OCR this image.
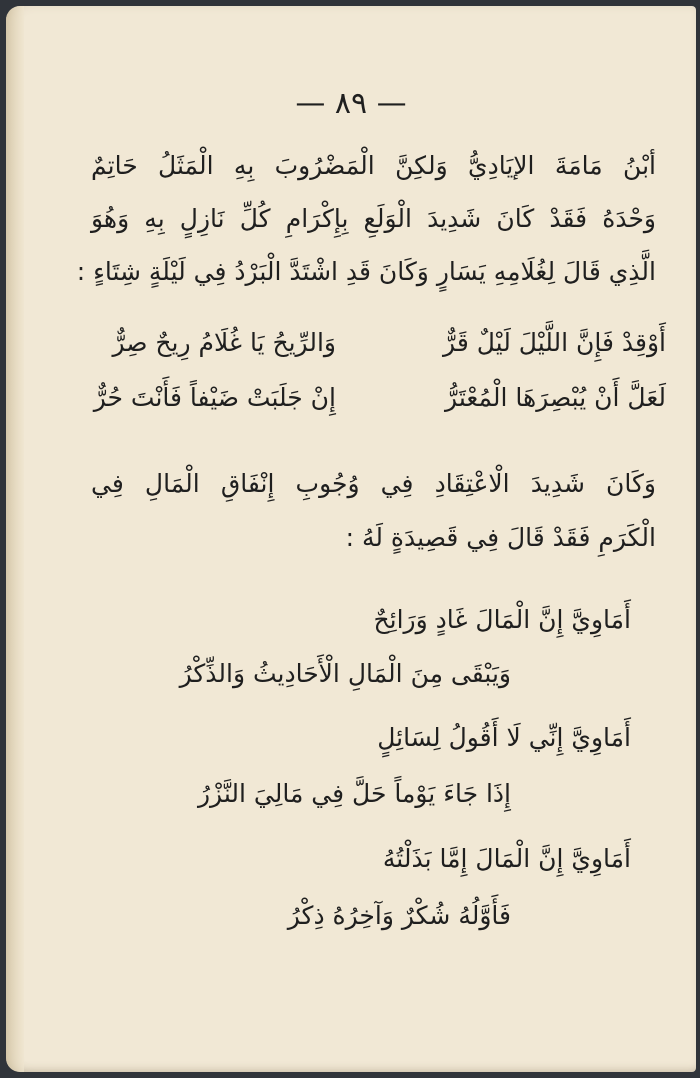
— ٨٩ —
أبْنُ مَامَةَ الإيَادِيُّ وَلكِنَّ الْمَضْرُوبَ بِهِ الْمَثَلُ حَاتِمٌ
وَحْدَهُ فَقَدْ كَانَ شَدِيدَ الْوَلَعِ بِإِكْرَامِ كُلِّ نَازِلٍ بِهِ وَهُوَ
الَّذِي قَالَ لِغُلَامِهِ يَسَارٍ وَكَانَ قَدِ اشْتَدَّ الْبَرْدُ فِي لَيْلَةٍ شِتَاءٍ :
أَوْقِدْ فَإِنَّ اللَّيْلَ لَيْلٌ قَرٌّ
وَالرِّيحُ يَا غُلَامُ رِيحٌ صِرٌّ
لَعَلَّ أَنْ يُبْصِرَهَا الْمُعْتَرُّ
إِنْ جَلَبَتْ ضَيْفاً فَأَنْتَ حُرٌّ
وَكَانَ شَدِيدَ الْاعْتِقَادِ فِي وُجُوبِ إِنْفَاقِ الْمَالِ فِي
الْكَرَمِ فَقَدْ قَالَ فِي قَصِيدَةٍ لَهُ :
أَمَاوِيَّ إِنَّ الْمَالَ غَادٍ وَرَائِحٌ
وَيَبْقَى مِنَ الْمَالِ الْأَحَادِيثُ وَالذِّكْرُ
أَمَاوِيَّ إِنِّي لَا أَقُولُ لِسَائِلٍ
إِذَا جَاءَ يَوْماً حَلَّ فِي مَالِيَ النَّزْرُ
أَمَاوِيَّ إِنَّ الْمَالَ إِمَّا بَذَلْتُهُ
فَأَوَّلُهُ شُكْرٌ وَآخِرُهُ ذِكْرُ
